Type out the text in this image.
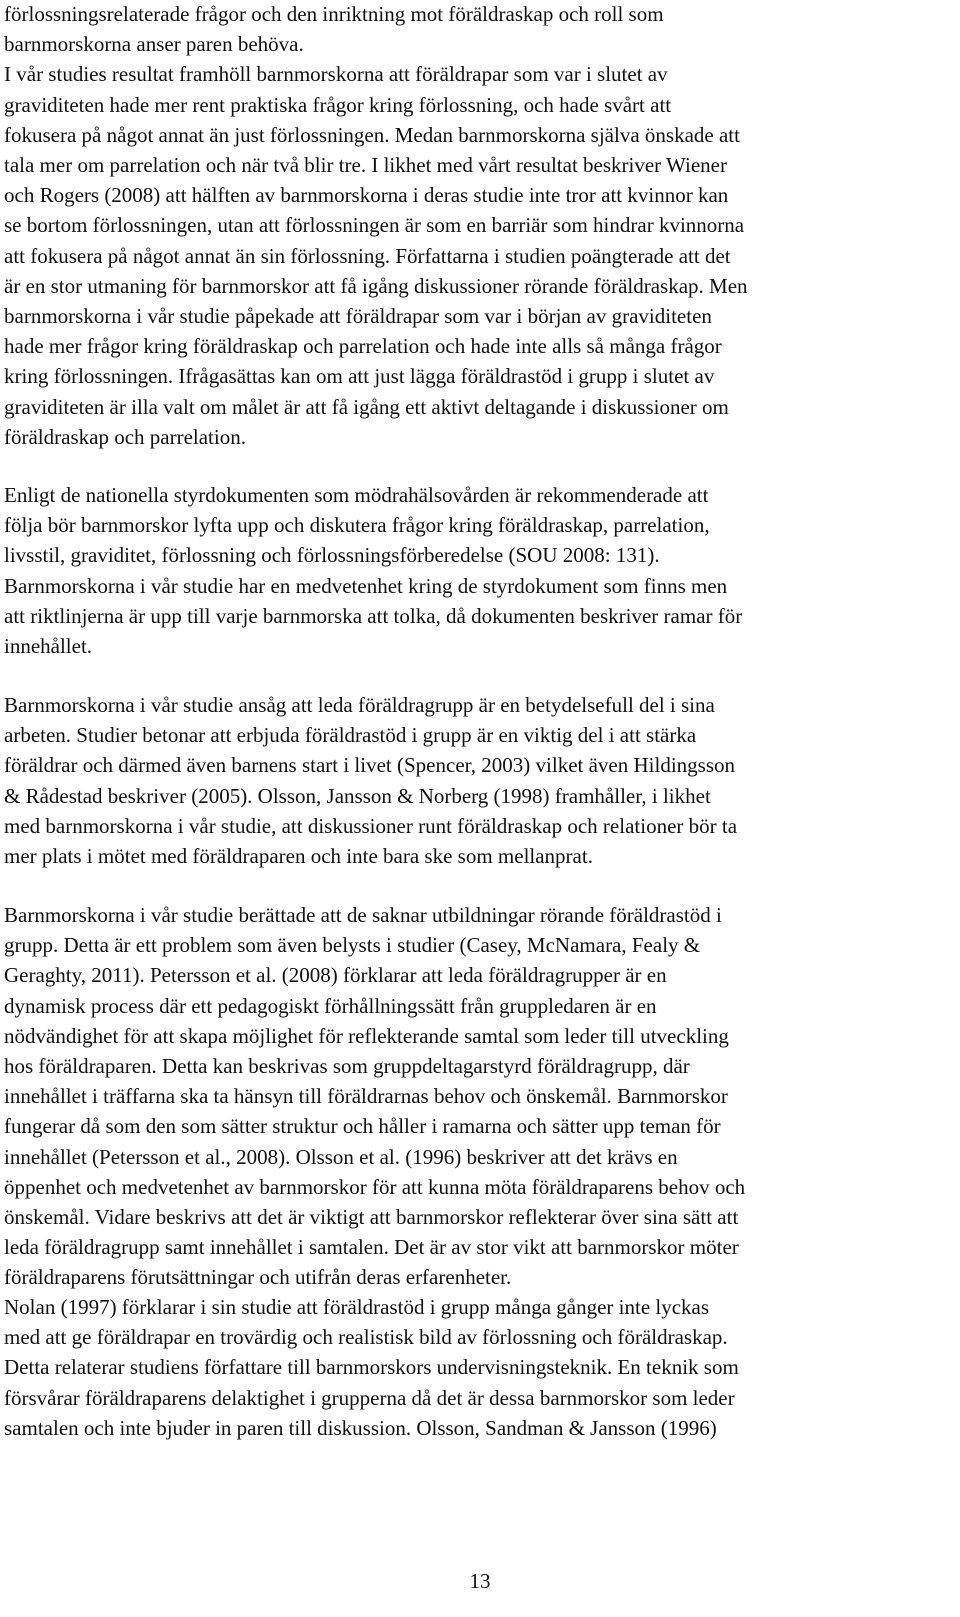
förlossningsrelaterade frågor och den inriktning mot föräldraskap och roll som

barnmorskorna anser paren behöva.

I vår studies resultat framhöll barnmorskorna att föräldrapar som var i slutet av

graviditeten hade mer rent praktiska frågor kring förlossning, och hade svårt att

fokusera på något annat än just förlossningen. Medan barnmorskorna själva önskade att

tala mer om parrelation och när två blir tre. I likhet med vårt resultat beskriver Wiener

och Rogers (2008) att hälften av barnmorskorna i deras studie inte tror att kvinnor kan

se bortom förlossningen, utan att förlossningen är som en barriär som hindrar kvinnorna

att fokusera på något annat än sin förlossning. Författarna i studien poängterade att det

är en stor utmaning för barnmorskor att få igång diskussioner rörande föräldraskap. Men

barnmorskorna i vår studie påpekade att föräldrapar som var i början av graviditeten

hade mer frågor kring föräldraskap och parrelation och hade inte alls så många frågor

kring förlossningen. Ifrågasättas kan om att just lägga föräldrastöd i grupp i slutet av

graviditeten är illa valt om målet är att få igång ett aktivt deltagande i diskussioner om

föräldraskap och parrelation.

Enligt de nationella styrdokumenten som mödrahälsovården är rekommenderade att

följa bör barnmorskor lyfta upp och diskutera frågor kring föräldraskap, parrelation,

livsstil, graviditet, förlossning och förlossningsförberedelse (SOU 2008: 131).

Barnmorskorna i vår studie har en medvetenhet kring de styrdokument som finns men

att riktlinjerna är upp till varje barnmorska att tolka, då dokumenten beskriver ramar för

innehållet.

Barnmorskorna i vår studie ansåg att leda föräldragrupp är en betydelsefull del i sina

arbeten. Studier betonar att erbjuda föräldrastöd i grupp är en viktig del i att stärka

föräldrar och därmed även barnens start i livet (Spencer, 2003) vilket även Hildingsson

& Rådestad beskriver (2005). Olsson, Jansson & Norberg (1998) framhåller, i likhet

med barnmorskorna i vår studie, att diskussioner runt föräldraskap och relationer bör ta

mer plats i mötet med föräldraparen och inte bara ske som mellanprat.

Barnmorskorna i vår studie berättade att de saknar utbildningar rörande föräldrastöd i

grupp. Detta är ett problem som även belysts i studier (Casey, McNamara, Fealy &

Geraghty, 2011). Petersson et al. (2008) förklarar att leda föräldragrupper är en

dynamisk process där ett pedagogiskt förhållningssätt från gruppledaren är en

nödvändighet för att skapa möjlighet för reflekterande samtal som leder till utveckling

hos föräldraparen. Detta kan beskrivas som gruppdeltagarstyrd föräldragrupp, där

innehållet i träffarna ska ta hänsyn till föräldrarnas behov och önskemål. Barnmorskor

fungerar då som den som sätter struktur och håller i ramarna och sätter upp teman för

innehållet (Petersson et al., 2008). Olsson et al. (1996) beskriver att det krävs en

öppenhet och medvetenhet av barnmorskor för att kunna möta föräldraparens behov och

önskemål. Vidare beskrivs att det är viktigt att barnmorskor reflekterar över sina sätt att

leda föräldragrupp samt innehållet i samtalen. Det är av stor vikt att barnmorskor möter

föräldraparens förutsättningar och utifrån deras erfarenheter.

Nolan (1997) förklarar i sin studie att föräldrastöd i grupp många gånger inte lyckas

med att ge föräldrapar en trovärdig och realistisk bild av förlossning och föräldraskap.

Detta relaterar studiens författare till barnmorskors undervisningsteknik. En teknik som

försvårar föräldraparens delaktighet i grupperna då det är dessa barnmorskor som leder

samtalen och inte bjuder in paren till diskussion. Olsson, Sandman & Jansson (1996)

13
